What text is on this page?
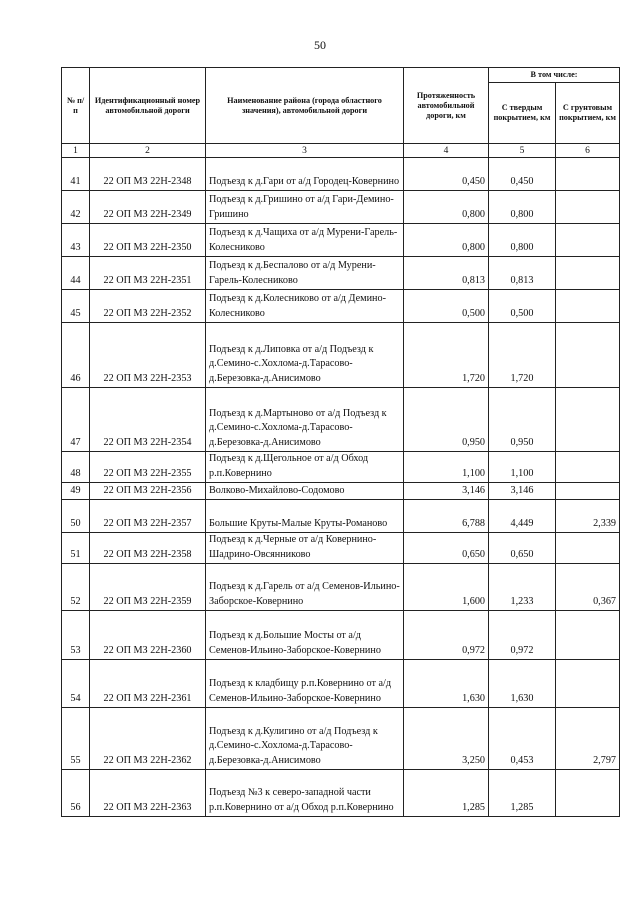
50
№ п/п	Идентификационный номер автомобильной дороги	Наименование района (города областного значения), автомобильной дороги	Протяженность автомобильной дороги, км	В том числе:	
				С твердым покрытием, км	С грунтовым покрытием, км
1	2	3	4	5	6
41	22 ОП МЗ 22Н-2348	Подъезд к д.Гари от а/д Городец-Ковернино	0,450	0,450	
42	22 ОП МЗ 22Н-2349	Подъезд к д.Гришино от а/д Гари-Демино-Гришино	0,800	0,800	
43	22 ОП МЗ 22Н-2350	Подъезд к д.Чащиха от а/д Мурени-Гарель-Колесниково	0,800	0,800	
44	22 ОП МЗ 22Н-2351	Подъезд к д.Беспалово от а/д Мурени-Гарель-Колесниково	0,813	0,813	
45	22 ОП МЗ 22Н-2352	Подъезд к д.Колесниково от а/д Демино-Колесниково	0,500	0,500	
46	22 ОП МЗ 22Н-2353	Подъезд к д.Липовка от а/д Подъезд к д.Семино-с.Хохлома-д.Тарасово-д.Березовка-д.Анисимово	1,720	1,720	
47	22 ОП МЗ 22Н-2354	Подъезд к д.Мартыново от а/д Подъезд к д.Семино-с.Хохлома-д.Тарасово-д.Березовка-д.Анисимово	0,950	0,950	
48	22 ОП МЗ 22Н-2355	Подъезд к д.Щегольное от а/д Обход р.п.Ковернино	1,100	1,100	
49	22 ОП МЗ 22Н-2356	Волково-Михайлово-Содомово	3,146	3,146	
50	22 ОП МЗ 22Н-2357	Большие Круты-Малые Круты-Романово	6,788	4,449	2,339
51	22 ОП МЗ 22Н-2358	Подъезд к д.Черные от а/д Ковернино-Шадрино-Овсянниково	0,650	0,650	
52	22 ОП МЗ 22Н-2359	Подъезд к д.Гарель от а/д Семенов-Ильино-Заборское-Ковернино	1,600	1,233	0,367
53	22 ОП МЗ 22Н-2360	Подъезд к д.Большие Мосты от а/д Семенов-Ильино-Заборское-Ковернино	0,972	0,972	
54	22 ОП МЗ 22Н-2361	Подъезд к кладбищу р.п.Ковернино от а/д Семенов-Ильино-Заборское-Ковернино	1,630	1,630	
55	22 ОП МЗ 22Н-2362	Подъезд к д.Кулигино от а/д Подъезд к д.Семино-с.Хохлома-д.Тарасово-д.Березовка-д.Анисимово	3,250	0,453	2,797
56	22 ОП МЗ 22Н-2363	Подъезд №3 к северо-западной части р.п.Ковернино от а/д Обход р.п.Ковернино	1,285	1,285	
